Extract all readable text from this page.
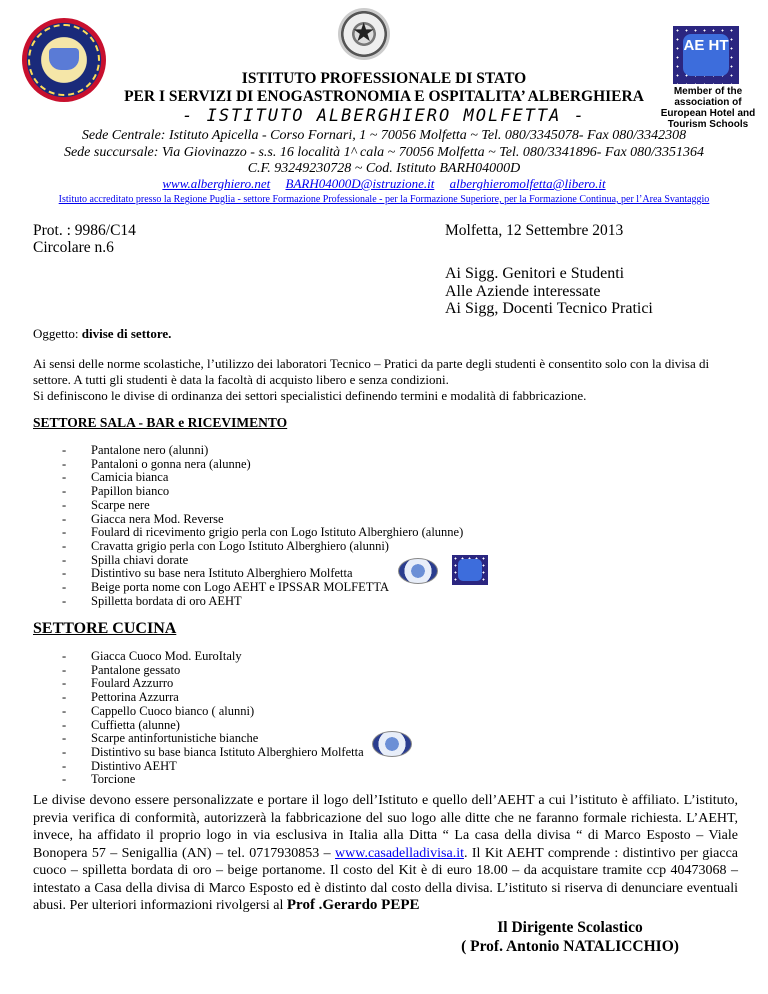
★	AE HT
Member of the association of European Hotel and Tourism Schools
ISTITUTO PROFESSIONALE DI STATO
PER I SERVIZI DI ENOGASTRONOMIA E OSPITALITA’ ALBERGHIERA
- ISTITUTO ALBERGHIERO MOLFETTA -
Sede Centrale: Istituto Apicella - Corso Fornari, 1 ~ 70056 Molfetta ~ Tel. 080/3345078- Fax 080/3342308
Sede succursale: Via Giovinazzo - s.s. 16 località 1^ cala ~ 70056 Molfetta ~ Tel. 080/3341896- Fax 080/3351364
C.F. 93249230728 ~ Cod. Istituto BARH04000D
www.alberghiero.net BARH04000D@istruzione.it alberghieromolfetta@libero.it
Istituto accreditato presso la Regione Puglia - settore Formazione Professionale - per la Formazione Superiore, per la Formazione Continua, per l’Area Svantaggio
Prot. : 9986/C14
Circolare n.6
Molfetta, 12 Settembre 2013
Ai Sigg. Genitori e Studenti
Alle Aziende interessate
Ai Sigg, Docenti Tecnico Pratici
Oggetto: divise di settore.
Ai sensi delle norme scolastiche, l’utilizzo dei laboratori Tecnico – Pratici da parte degli studenti è consentito solo con la divisa di settore. A tutti gli studenti è data la facoltà di acquisto libero e senza condizioni.
Si definiscono le divise di ordinanza dei settori specialistici definendo termini e modalità di fabbricazione.
SETTORE SALA - BAR e RICEVIMENTO
- Pantalone nero (alunni)
- Pantaloni o gonna nera (alunne)
- Camicia bianca
- Papillon bianco
- Scarpe nere
- Giacca nera Mod. Reverse
- Foulard di ricevimento grigio perla con Logo Istituto Alberghiero (alunne)
- Cravatta grigio perla con Logo Istituto Alberghiero (alunni)
- Spilla chiavi dorate
- Distintivo su base nera Istituto Alberghiero Molfetta
- Beige porta nome con Logo AEHT e IPSSAR MOLFETTA
- Spilletta bordata di oro AEHT
SETTORE CUCINA
- Giacca Cuoco Mod. EuroItaly
- Pantalone gessato
- Foulard Azzurro
- Pettorina Azzurra
- Cappello Cuoco bianco ( alunni)
- Cuffietta (alunne)
- Scarpe antinfortunistiche bianche
- Distintivo su base bianca Istituto Alberghiero Molfetta
- Distintivo AEHT
- Torcione
Le divise devono essere personalizzate e portare il logo dell’Istituto e quello dell’AEHT a cui l’istituto è affiliato. L’istituto, previa verifica di conformità, autorizzerà la fabbricazione del suo logo alle ditte che ne faranno formale richiesta. L’AEHT, invece, ha affidato il proprio logo in via esclusiva in Italia alla Ditta “ La casa della divisa “ di Marco Esposto – Viale Bonopera 57 – Senigallia (AN) – tel. 0717930853 – www.casadelladivisa.it. Il Kit AEHT comprende : distintivo per giacca cuoco – spilletta bordata di oro – beige portanome. Il costo del Kit è di euro 18.00 – da acquistare tramite ccp 40473068 – intestato a Casa della divisa di Marco Esposto ed è distinto dal costo della divisa. L’istituto si riserva di denunciare eventuali abusi. Per ulteriori informazioni rivolgersi al Prof .Gerardo PEPE
Il Dirigente Scolastico
( Prof. Antonio NATALICCHIO)
